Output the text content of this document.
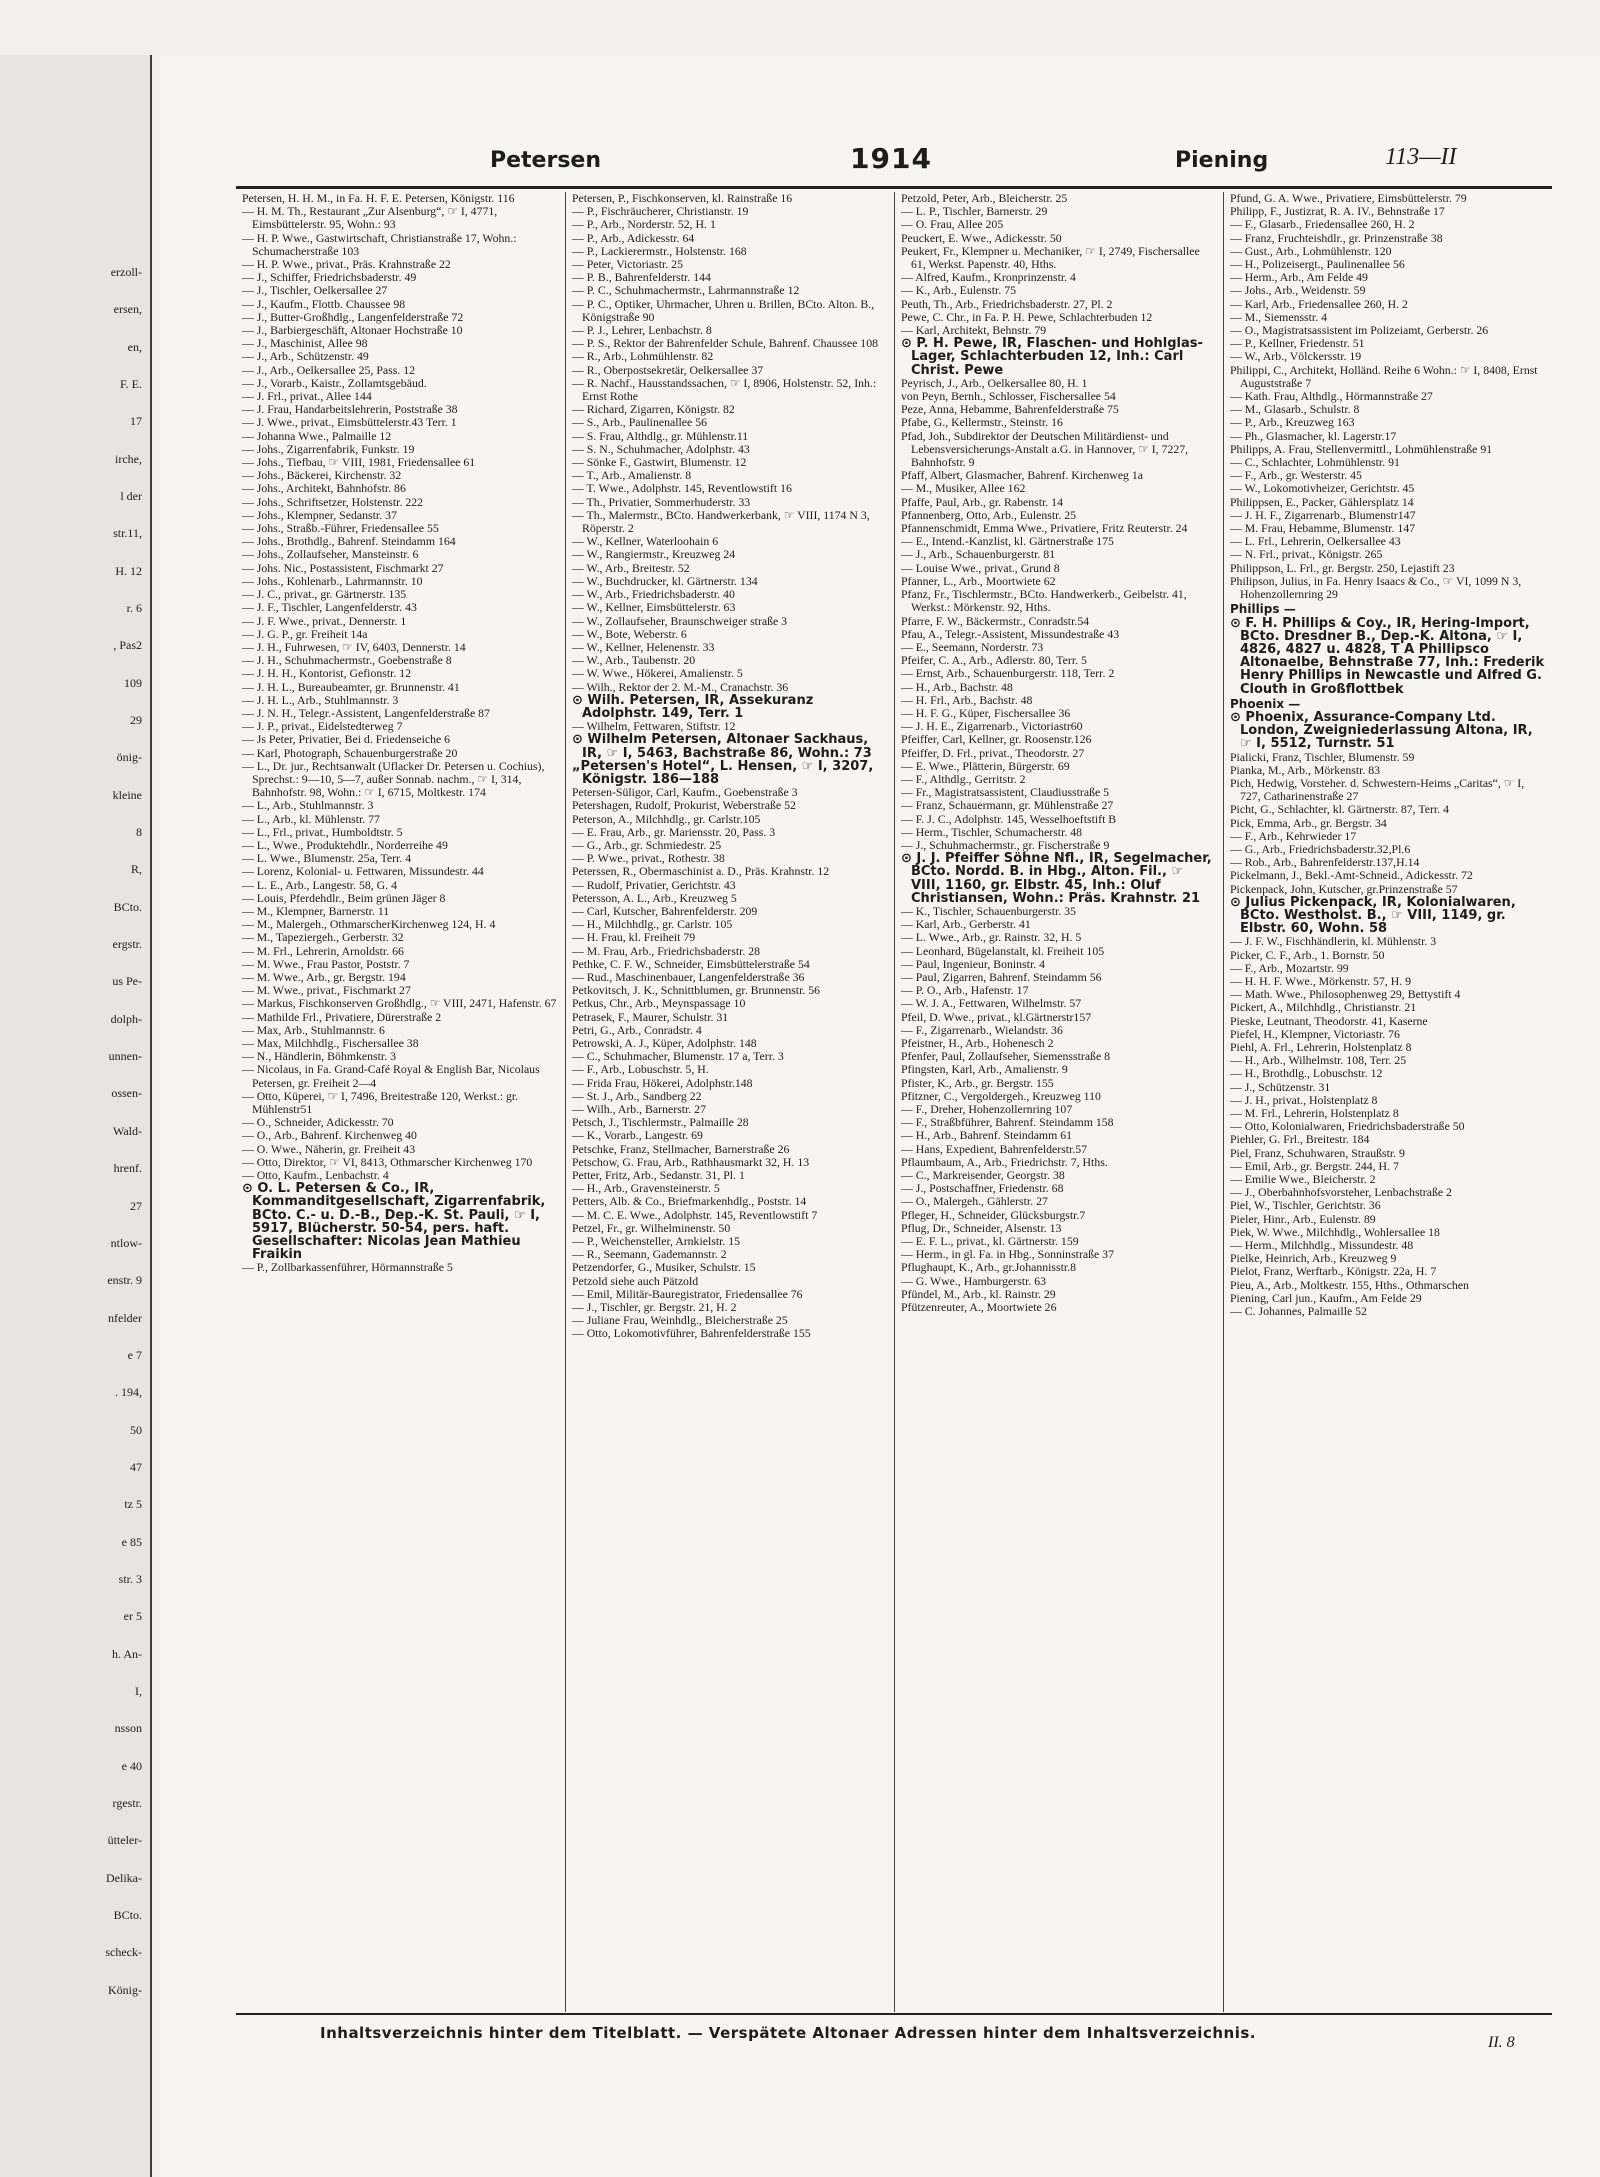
erzoll-
ersen,
en,
F. E.
17
irche,
l der
str.11,
H. 12
r. 6
, Pas2
109
29
önig-
kleine
8
R,
BCto.
ergstr.
us Pe-
dolph-
unnen-
ossen-
Wald-
hrenf.
27
ntlow-
enstr. 9
nfelder
e 7
. 194,
50
47
tz 5
e 85
str. 3
er 5
h. An-
I,
nsson
e 40
rgestr.
ütteler-
Delika-
BCto.
scheck-
König-
Petersen	1914	Piening	113—II
Petersen, H. H. M., in Fa. H. F. E. Petersen, Königstr. 116
— H. M. Th., Restaurant „Zur Alsenburg“, ☞ I, 4771, Eimsbüttelerstr. 95, Wohn.: 93
— H. P. Wwe., Gastwirtschaft, Christianstraße 17, Wohn.: Schumacherstraße 103
— H. P. Wwe., privat., Präs. Krahnstraße 22
— J., Schiffer, Friedrichsbaderstr. 49
— J., Tischler, Oelkersallee 27
— J., Kaufm., Flottb. Chaussee 98
— J., Butter-Großhdlg., Langenfelderstraße 72
— J., Barbiergeschäft, Altonaer Hochstraße 10
— J., Maschinist, Allee 98
— J., Arb., Schützenstr. 49
— J., Arb., Oelkersallee 25, Pass. 12
— J., Vorarb., Kaistr., Zollamtsgebäud.
— J. Frl., privat., Allee 144
— J. Frau, Handarbeitslehrerin, Poststraße 38
— J. Wwe., privat., Eimsbüttelerstr.43 Terr. 1
— Johanna Wwe., Palmaille 12
— Johs., Zigarrenfabrik, Funkstr. 19
— Johs., Tiefbau, ☞ VIII, 1981, Friedensallee 61
— Johs., Bäckerei, Kirchenstr. 32
— Johs., Architekt, Bahnhofstr. 86
— Johs., Schriftsetzer, Holstenstr. 222
— Johs., Klempner, Sedanstr. 37
— Johs., Straßb.-Führer, Friedensallee 55
— Johs., Brothdlg., Bahrenf. Steindamm 164
— Johs., Zollaufseher, Mansteinstr. 6
— Johs. Nic., Postassistent, Fischmarkt 27
— Johs., Kohlenarb., Lahrmannstr. 10
— J. C., privat., gr. Gärtnerstr. 135
— J. F., Tischler, Langenfelderstr. 43
— J. F. Wwe., privat., Dennerstr. 1
— J. G. P., gr. Freiheit 14a
— J. H., Fuhrwesen, ☞ IV, 6403, Dennerstr. 14
— J. H., Schuhmachermstr., Goebenstraße 8
— J. H. H., Kontorist, Gefionstr. 12
— J. H. L., Bureaubeamter, gr. Brunnenstr. 41
— J. H. L., Arb., Stuhlmannstr. 3
— J. N. H., Telegr.-Assistent, Langenfelderstraße 87
— J. P., privat., Eidelstedterweg 7
— Js Peter, Privatier, Bei d. Friedenseiche 6
— Karl, Photograph, Schauenburgerstraße 20
— L., Dr. jur., Rechtsanwalt (Uflacker Dr. Petersen u. Cochius), Sprechst.: 9—10, 5—7, außer Sonnab. nachm., ☞ I, 314, Bahnhofstr. 98, Wohn.: ☞ I, 6715, Moltkestr. 174
— L., Arb., Stuhlmannstr. 3
— L., Arb., kl. Mühlenstr. 77
— L., Frl., privat., Humboldtstr. 5
— L., Wwe., Produktehdlr., Norderreihe 49
— L. Wwe., Blumenstr. 25a, Terr. 4
— Lorenz, Kolonial- u. Fettwaren, Missundestr. 44
— L. E., Arb., Langestr. 58, G. 4
— Louis, Pferdehdlr., Beim grünen Jäger 8
— M., Klempner, Barnerstr. 11
— M., Malergeh., OthmarscherKirchenweg 124, H. 4
— M., Tapeziergeh., Gerberstr. 32
— M. Frl., Lehrerin, Arnoldstr. 66
— M. Wwe., Frau Pastor, Poststr. 7
— M. Wwe., Arb., gr. Bergstr. 194
— M. Wwe., privat., Fischmarkt 27
— Markus, Fischkonserven Großhdlg., ☞ VIII, 2471, Hafenstr. 67
— Mathilde Frl., Privatiere, Dürerstraße 2
— Max, Arb., Stuhlmannstr. 6
— Max, Milchhdlg., Fischersallee 38
— N., Händlerin, Böhmkenstr. 3
— Nicolaus, in Fa. Grand-Café Royal & English Bar, Nicolaus Petersen, gr. Freiheit 2—4
— Otto, Küperei, ☞ I, 7496, Breitestraße 120, Werkst.: gr. Mühlenstr51
— O., Schneider, Adickesstr. 70
— O., Arb., Bahrenf. Kirchenweg 40
— O. Wwe., Näherin, gr. Freiheit 43
— Otto, Direktor, ☞ VI, 8413, Othmarscher Kirchenweg 170
— Otto, Kaufm., Lenbachstr. 4
⊙ O. L. Petersen & Co., IR, Kommanditgesellschaft, Zigarrenfabrik, BCto. C.- u. D.-B., Dep.-K. St. Pauli, ☞ I, 5917, Blücherstr. 50-54, pers. haft. Gesellschafter: Nicolas Jean Mathieu Fraikin
— P., Zollbarkassenführer, Hörmannstraße 5
Petersen, P., Fischkonserven, kl. Rainstraße 16
— P., Fischräucherer, Christianstr. 19
— P., Arb., Norderstr. 52, H. 1
— P., Arb., Adickesstr. 64
— P., Lackierermstr., Holstenstr. 168
— Peter, Victoriastr. 25
— P. B., Bahrenfelderstr. 144
— P. C., Schuhmachermstr., Lahrmannstraße 12
— P. C., Optiker, Uhrmacher, Uhren u. Brillen, BCto. Alton. B., Königstraße 90
— P. J., Lehrer, Lenbachstr. 8
— P. S., Rektor der Bahrenfelder Schule, Bahrenf. Chaussee 108
— R., Arb., Lohmühlenstr. 82
— R., Oberpostsekretär, Oelkersallee 37
— R. Nachf., Hausstandssachen, ☞ I, 8906, Holstenstr. 52, Inh.: Ernst Rothe
— Richard, Zigarren, Königstr. 82
— S., Arb., Paulinenallee 56
— S. Frau, Althdlg., gr. Mühlenstr.11
— S. N., Schuhmacher, Adolphstr. 43
— Sönke F., Gastwirt, Blumenstr. 12
— T., Arb., Amalienstr. 8
— T. Wwe., Adolphstr. 145, Reventlowstift 16
— Th., Privatier, Sommerhuderstr. 33
— Th., Malermstr., BCto. Handwerkerbank, ☞ VIII, 1174 N 3, Röperstr. 2
— W., Kellner, Waterloohain 6
— W., Rangiermstr., Kreuzweg 24
— W., Arb., Breitestr. 52
— W., Buchdrucker, kl. Gärtnerstr. 134
— W., Arb., Friedrichsbaderstr. 40
— W., Kellner, Eimsbüttelerstr. 63
— W., Zollaufseher, Braunschweiger straße 3
— W., Bote, Weberstr. 6
— W., Kellner, Helenenstr. 33
— W., Arb., Taubenstr. 20
— W. Wwe., Hökerei, Amalienstr. 5
— Wilh., Rektor der 2. M.-M., Cranachstr. 36
⊙ Wilh. Petersen, IR, Assekuranz Adolphstr. 149, Terr. 1
— Wilhelm, Fettwaren, Stiftstr. 12
⊙ Wilhelm Petersen, Altonaer Sackhaus, IR, ☞ I, 5463, Bachstraße 86, Wohn.: 73
„Petersen's Hotel“, L. Hensen, ☞ I, 3207, Königstr. 186—188
Petersen-Süligor, Carl, Kaufm., Goebenstraße 3
Petershagen, Rudolf, Prokurist, Weberstraße 52
Peterson, A., Milchhdlg., gr. Carlstr.105
— E. Frau, Arb., gr. Mariensstr. 20, Pass. 3
— G., Arb., gr. Schmiedestr. 25
— P. Wwe., privat., Rothestr. 38
Peterssen, R., Obermaschinist a. D., Präs. Krahnstr. 12
— Rudolf, Privatier, Gerichtstr. 43
Petersson, A. L., Arb., Kreuzweg 5
— Carl, Kutscher, Bahrenfelderstr. 209
— H., Milchhdlg., gr. Carlstr. 105
— H. Frau, kl. Freiheit 79
— M. Frau, Arb., Friedrichsbaderstr. 28
Pethke, C. F. W., Schneider, Eimsbüttelerstraße 54
— Rud., Maschinenbauer, Langenfelderstraße 36
Petkovitsch, J. K., Schnittblumen, gr. Brunnenstr. 56
Petkus, Chr., Arb., Meynspassage 10
Petrasek, F., Maurer, Schulstr. 31
Petri, G., Arb., Conradstr. 4
Petrowski, A. J., Küper, Adolphstr. 148
— C., Schuhmacher, Blumenstr. 17 a, Terr. 3
— F., Arb., Lobuschstr. 5, H.
— Frida Frau, Hökerei, Adolphstr.148
— St. J., Arb., Sandberg 22
— Wilh., Arb., Barnerstr. 27
Petsch, J., Tischlermstr., Palmaille 28
— K., Vorarb., Langestr. 69
Petschke, Franz, Stellmacher, Barnerstraße 26
Petschow, G. Frau, Arb., Rathhausmarkt 32, H. 13
Petter, Fritz, Arb., Sedanstr. 31, Pl. 1
— H., Arb., Gravensteinerstr. 5
Petters, Alb. & Co., Briefmarkenhdlg., Poststr. 14
— M. C. E. Wwe., Adolphstr. 145, Reventlowstift 7
Petzel, Fr., gr. Wilhelminenstr. 50
— P., Weichensteller, Arnkielstr. 15
— R., Seemann, Gademannstr. 2
Petzendorfer, G., Musiker, Schulstr. 15
Petzold siehe auch Pätzold
— Emil, Militär-Bauregistrator, Friedensallee 76
— J., Tischler, gr. Bergstr. 21, H. 2
— Juliane Frau, Weinhdlg., Bleicherstraße 25
— Otto, Lokomotivführer, Bahrenfelderstraße 155
Petzold, Peter, Arb., Bleicherstr. 25
— L. P., Tischler, Barnerstr. 29
— O. Frau, Allee 205
Peuckert, E. Wwe., Adickesstr. 50
Peukert, Fr., Klempner u. Mechaniker, ☞ I, 2749, Fischersallee 61, Werkst. Papenstr. 40, Hths.
— Alfred, Kaufm., Kronprinzenstr. 4
— K., Arb., Eulenstr. 75
Peuth, Th., Arb., Friedrichsbaderstr. 27, Pl. 2
Pewe, C. Chr., in Fa. P. H. Pewe, Schlachterbuden 12
— Karl, Architekt, Behnstr. 79
⊙ P. H. Pewe, IR, Flaschen- und Hohlglas-Lager, Schlachterbuden 12, Inh.: Carl Christ. Pewe
Peyrisch, J., Arb., Oelkersallee 80, H. 1
von Peyn, Bernh., Schlosser, Fischersallee 54
Peze, Anna, Hebamme, Bahrenfelderstraße 75
Pfabe, G., Kellermstr., Steinstr. 16
Pfad, Joh., Subdirektor der Deutschen Militärdienst- und Lebensversicherungs-Anstalt a.G. in Hannover, ☞ I, 7227, Bahnhofstr. 9
Pfaff, Albert, Glasmacher, Bahrenf. Kirchenweg 1a
— M., Musiker, Allee 162
Pfaffe, Paul, Arb., gr. Rabenstr. 14
Pfannenberg, Otto, Arb., Eulenstr. 25
Pfannenschmidt, Emma Wwe., Privatiere, Fritz Reuterstr. 24
— E., Intend.-Kanzlist, kl. Gärtnerstraße 175
— J., Arb., Schauenburgerstr. 81
— Louise Wwe., privat., Grund 8
Pfanner, L., Arb., Moortwiete 62
Pfanz, Fr., Tischlermstr., BCto. Handwerkerb., Geibelstr. 41, Werkst.: Mörkenstr. 92, Hths.
Pfarre, F. W., Bäckermstr., Conradstr.54
Pfau, A., Telegr.-Assistent, Missundestraße 43
— E., Seemann, Norderstr. 73
Pfeifer, C. A., Arb., Adlerstr. 80, Terr. 5
— Ernst, Arb., Schauenburgerstr. 118, Terr. 2
— H., Arb., Bachstr. 48
— H. Frl., Arb., Bachstr. 48
— H. F. G., Küper, Fischersallee 36
— J. H. E., Zigarrenarb., Victoriastr60
Pfeiffer, Carl, Kellner, gr. Roosenstr.126
Pfeiffer, D. Frl., privat., Theodorstr. 27
— E. Wwe., Plätterin, Bürgerstr. 69
— F., Althdlg., Gerritstr. 2
— Fr., Magistratsassistent, Claudiusstraße 5
— Franz, Schauermann, gr. Mühlenstraße 27
— F. J. C., Adolphstr. 145, Wesselhoeftstift B
— Herm., Tischler, Schumacherstr. 48
— J., Schuhmachermstr., gr. Fischerstraße 9
⊙ J. J. Pfeiffer Söhne Nfl., IR, Segelmacher, BCto. Nordd. B. in Hbg., Alton. Fil., ☞ VIII, 1160, gr. Elbstr. 45, Inh.: Oluf Christiansen, Wohn.: Präs. Krahnstr. 21
— K., Tischler, Schauenburgerstr. 35
— Karl, Arb., Gerberstr. 41
— L. Wwe., Arb., gr. Rainstr. 32, H. 5
— Leonhard, Bügelanstalt, kl. Freiheit 105
— Paul, Ingenieur, Boninstr. 4
— Paul, Zigarren, Bahrenf. Steindamm 56
— P. O., Arb., Hafenstr. 17
— W. J. A., Fettwaren, Wilhelmstr. 57
Pfeil, D. Wwe., privat., kl.Gärtnerstr157
— F., Zigarrenarb., Wielandstr. 36
Pfeistner, H., Arb., Hohenesch 2
Pfenfer, Paul, Zollaufseher, Siemensstraße 8
Pfingsten, Karl, Arb., Amalienstr. 9
Pfister, K., Arb., gr. Bergstr. 155
Pfitzner, C., Vergoldergeh., Kreuzweg 110
— F., Dreher, Hohenzollernring 107
— F., Straßbführer, Bahrenf. Steindamm 158
— H., Arb., Bahrenf. Steindamm 61
— Hans, Expedient, Bahrenfelderstr.57
Pflaumbaum, A., Arb., Friedrichstr. 7, Hths.
— C., Markreisender, Georgstr. 38
— J., Postschaffner, Friedenstr. 68
— O., Malergeh., Gählerstr. 27
Pfleger, H., Schneider, Glücksburgstr.7
Pflug, Dr., Schneider, Alsenstr. 13
— E. F. L., privat., kl. Gärtnerstr. 159
— Herm., in gl. Fa. in Hbg., Sonninstraße 37
Pflughaupt, K., Arb., gr.Johannisstr.8
— G. Wwe., Hamburgerstr. 63
Pfündel, M., Arb., kl. Rainstr. 29
Pfützenreuter, A., Moortwiete 26
Pfund, G. A. Wwe., Privatiere, Eimsbüttelerstr. 79
Philipp, F., Justizrat, R. A. IV., Behnstraße 17
— F., Glasarb., Friedensallee 260, H. 2
— Franz, Fruchteishdlr., gr. Prinzenstraße 38
— Gust., Arb., Lohmühlenstr. 120
— H., Polizeisergt., Paulinenallee 56
— Herm., Arb., Am Felde 49
— Johs., Arb., Weidenstr. 59
— Karl, Arb., Friedensallee 260, H. 2
— M., Siemensstr. 4
— O., Magistratsassistent im Polizeiamt, Gerberstr. 26
— P., Kellner, Friedenstr. 51
— W., Arb., Völckersstr. 19
Philippi, C., Architekt, Holländ. Reihe 6 Wohn.: ☞ I, 8408, Ernst Auguststraße 7
— Kath. Frau, Althdlg., Hörmannstraße 27
— M., Glasarb., Schulstr. 8
— P., Arb., Kreuzweg 163
— Ph., Glasmacher, kl. Lagerstr.17
Philipps, A. Frau, Stellenvermittl., Lohmühlenstraße 91
— C., Schlachter, Lohmühlenstr. 91
— F., Arb., gr. Westerstr. 45
— W., Lokomotivheizer, Gerichtstr. 45
Philippsen, E., Packer, Gählersplatz 14
— J. H. F., Zigarrenarb., Blumenstr147
— M. Frau, Hebamme, Blumenstr. 147
— L. Frl., Lehrerin, Oelkersallee 43
— N. Frl., privat., Königstr. 265
Philippson, L. Frl., gr. Bergstr. 250, Lejastift 23
Philipson, Julius, in Fa. Henry Isaacs & Co., ☞ VI, 1099 N 3, Hohenzollernring 29
Phillips —
⊙ F. H. Phillips & Coy., IR, Hering-Import, BCto. Dresdner B., Dep.-K. Altona, ☞ I, 4826, 4827 u. 4828, T A Phillipsco Altonaelbe, Behnstraße 77, Inh.: Frederik Henry Phillips in Newcastle und Alfred G. Clouth in Großflottbek
Phoenix —
⊙ Phoenix, Assurance-Company Ltd. London, Zweigniederlassung Altona, IR, ☞ I, 5512, Turnstr. 51
Pialicki, Franz, Tischler, Blumenstr. 59
Pianka, M., Arb., Mörkenstr. 83
Pich, Hedwig, Vorsteher. d. Schwestern-Heims „Caritas“, ☞ I, 727, Catharinenstraße 27
Picht, G., Schlachter, kl. Gärtnerstr. 87, Terr. 4
Pick, Emma, Arb., gr. Bergstr. 34
— F., Arb., Kehrwieder 17
— G., Arb., Friedrichsbaderstr.32,Pl.6
— Rob., Arb., Bahrenfelderstr.137,H.14
Pickelmann, J., Bekl.-Amt-Schneid., Adickesstr. 72
Pickenpack, John, Kutscher, gr.Prinzenstraße 57
⊙ Julius Pickenpack, IR, Kolonialwaren, BCto. Westholst. B., ☞ VIII, 1149, gr. Elbstr. 60, Wohn. 58
— J. F. W., Fischhändlerin, kl. Mühlenstr. 3
Picker, C. F., Arb., 1. Bornstr. 50
— F., Arb., Mozartstr. 99
— H. H. F. Wwe., Mörkenstr. 57, H. 9
— Math. Wwe., Philosophenweg 29, Bettystift 4
Pickert, A., Milchhdlg., Christianstr. 21
Pieske, Leutnant, Theodorstr. 41, Kaserne
Piefel, H., Klempner, Victoriastr. 76
Piehl, A. Frl., Lehrerin, Holstenplatz 8
— H., Arb., Wilhelmstr. 108, Terr. 25
— H., Brothdlg., Lobuschstr. 12
— J., Schützenstr. 31
— J. H., privat., Holstenplatz 8
— M. Frl., Lehrerin, Holstenplatz 8
— Otto, Kolonialwaren, Friedrichsbaderstraße 50
Piehler, G. Frl., Breitestr. 184
Piel, Franz, Schuhwaren, Straußstr. 9
— Emil, Arb., gr. Bergstr. 244, H. 7
— Emilie Wwe., Bleicherstr. 2
— J., Oberbahnhofsvorsteher, Lenbachstraße 2
Piel, W., Tischler, Gerichtstr. 36
Pieler, Hinr., Arb., Eulenstr. 89
Piek, W. Wwe., Milchhdlg., Wohlersallee 18
— Herm., Milchhdlg., Missundestr. 48
Pielke, Heinrich, Arb., Kreuzweg 9
Pielot, Franz, Werftarb., Königstr. 22a, H. 7
Pieu, A., Arb., Moltkestr. 155, Hths., Othmarschen
Piening, Carl jun., Kaufm., Am Felde 29
— C. Johannes, Palmaille 52
Inhaltsverzeichnis hinter dem Titelblatt. — Verspätete Altonaer Adressen hinter dem Inhaltsverzeichnis.
II. 8
